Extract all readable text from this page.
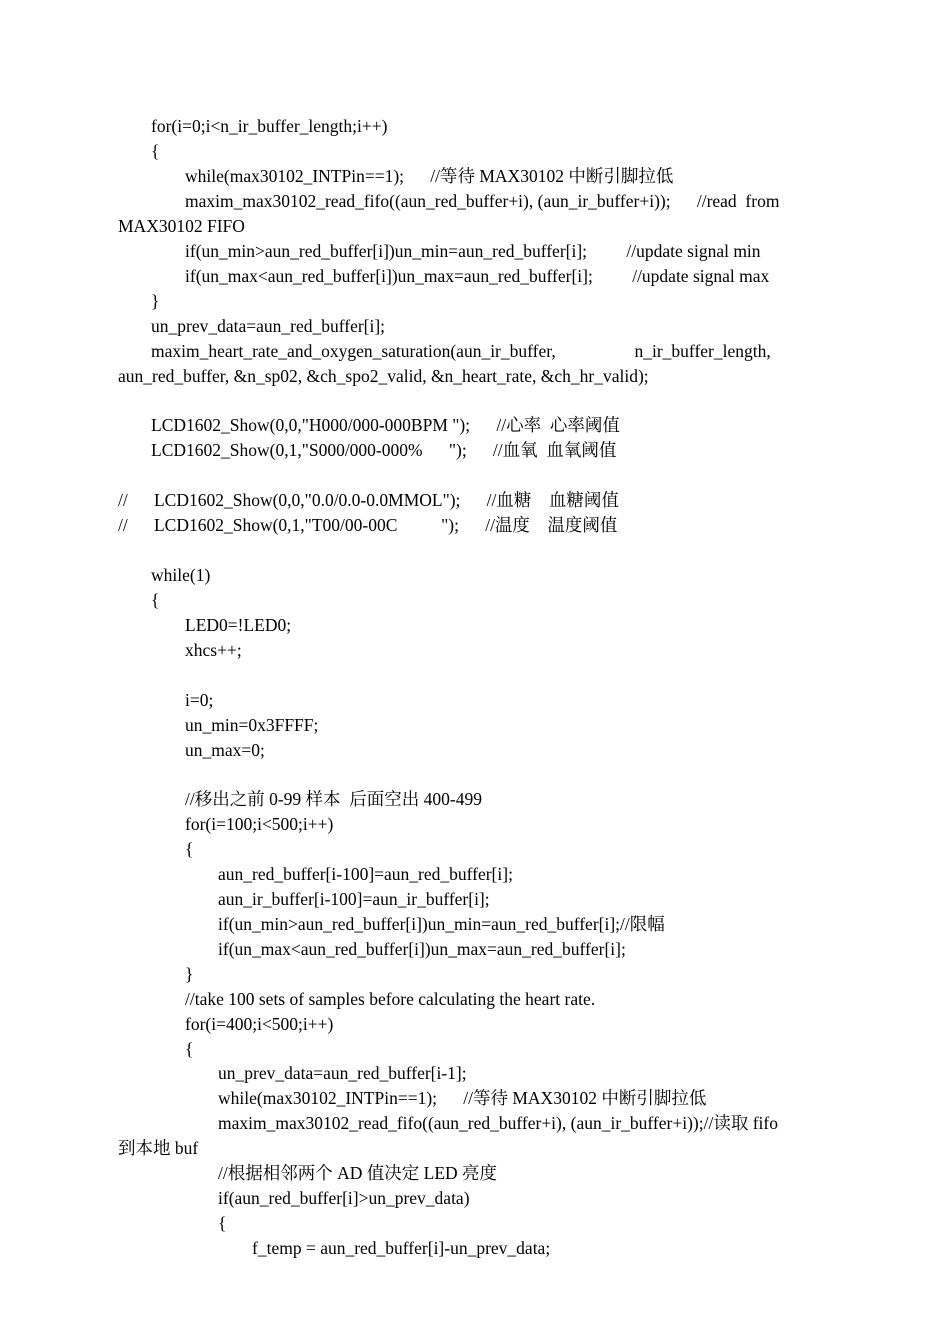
for(i=0;i<n_ir_buffer_length;i++)

{

while(max30102_INTPin==1);      //等待 MAX30102 中断引脚拉低

maxim_max30102_read_fifo((aun_red_buffer+i), (aun_ir_buffer+i));      //read  from

MAX30102 FIFO

if(un_min>aun_red_buffer[i])un_min=aun_red_buffer[i];         //update signal min

if(un_max<aun_red_buffer[i])un_max=aun_red_buffer[i];         //update signal max

}

un_prev_data=aun_red_buffer[i];

maxim_heart_rate_and_oxygen_saturation(aun_ir_buffer,                  n_ir_buffer_length,

aun_red_buffer, &n_sp02, &ch_spo2_valid, &n_heart_rate, &ch_hr_valid);

LCD1602_Show(0,0,"H000/000-000BPM ");      //心率  心率阈值

LCD1602_Show(0,1,"S000/000-000%      ");      //血氧  血氧阈值

//      LCD1602_Show(0,0,"0.0/0.0-0.0MMOL");      //血糖    血糖阈值

//      LCD1602_Show(0,1,"T00/00-00C          ");      //温度    温度阈值

while(1)

{

LED0=!LED0;

xhcs++;

i=0;

un_min=0x3FFFF;

un_max=0;

//移出之前 0-99 样本  后面空出 400-499

for(i=100;i<500;i++)

{

aun_red_buffer[i-100]=aun_red_buffer[i];

aun_ir_buffer[i-100]=aun_ir_buffer[i];

if(un_min>aun_red_buffer[i])un_min=aun_red_buffer[i];//限幅

if(un_max<aun_red_buffer[i])un_max=aun_red_buffer[i];

}

//take 100 sets of samples before calculating the heart rate.

for(i=400;i<500;i++)

{

un_prev_data=aun_red_buffer[i-1];

while(max30102_INTPin==1);      //等待 MAX30102 中断引脚拉低

maxim_max30102_read_fifo((aun_red_buffer+i), (aun_ir_buffer+i));//读取 fifo

到本地 buf

//根据相邻两个 AD 值决定 LED 亮度

if(aun_red_buffer[i]>un_prev_data)

{

f_temp = aun_red_buffer[i]-un_prev_data;
